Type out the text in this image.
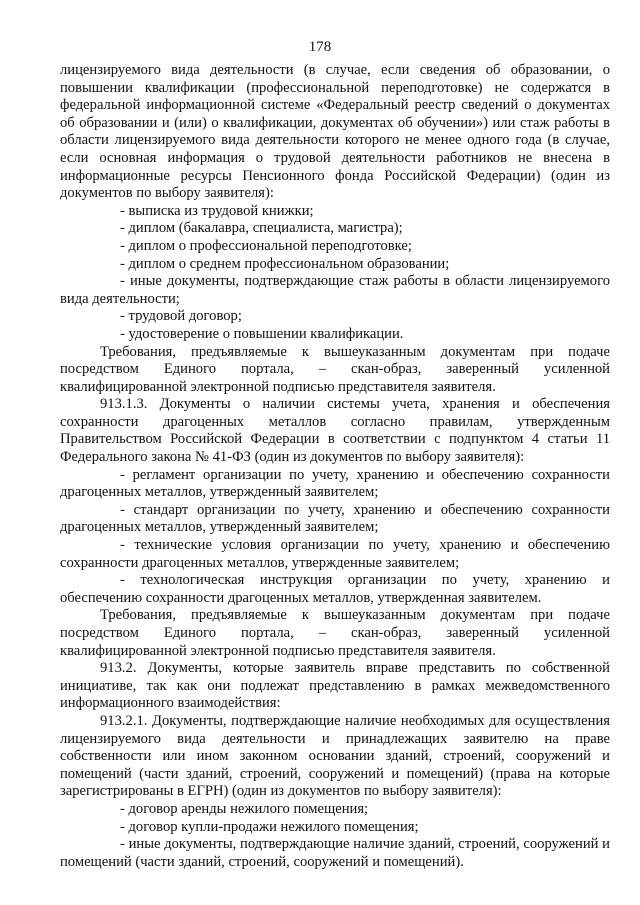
178

лицензируемого вида деятельности (в случае, если сведения об образовании, о повышении квалификации (профессиональной переподготовке) не содержатся в федеральной информационной системе «Федеральный реестр сведений о документах об образовании и (или) о квалификации, документах об обучении») или стаж работы в области лицензируемого вида деятельности которого не менее одного года (в случае, если основная информация о трудовой деятельности работников не внесена в информационные ресурсы Пенсионного фонда Российской Федерации) (один из документов по выбору заявителя):

- выписка из трудовой книжки;

- диплом (бакалавра, специалиста, магистра);

- диплом о профессиональной переподготовке;

- диплом о среднем профессиональном образовании;

- иные документы, подтверждающие стаж работы в области лицензируемого вида деятельности;

- трудовой договор;

- удостоверение о повышении квалификации.

Требования, предъявляемые к вышеуказанным документам при подаче посредством Единого портала, – скан-образ, заверенный усиленной квалифицированной электронной подписью представителя заявителя.

913.1.3. Документы о наличии системы учета, хранения и обеспечения сохранности драгоценных металлов согласно правилам, утвержденным Правительством Российской Федерации в соответствии с подпунктом 4 статьи 11 Федерального закона № 41-ФЗ (один из документов по выбору заявителя):

- регламент организации по учету, хранению и обеспечению сохранности драгоценных металлов, утвержденный заявителем;

- стандарт организации по учету, хранению и обеспечению сохранности драгоценных металлов, утвержденный заявителем;

- технические условия организации по учету, хранению и обеспечению сохранности драгоценных металлов, утвержденные заявителем;

- технологическая инструкция организации по учету, хранению и обеспечению сохранности драгоценных металлов, утвержденная заявителем.

Требования, предъявляемые к вышеуказанным документам при подаче посредством Единого портала, – скан-образ, заверенный усиленной квалифицированной электронной подписью представителя заявителя.

913.2. Документы, которые заявитель вправе представить по собственной инициативе, так как они подлежат представлению в рамках межведомственного информационного взаимодействия:

913.2.1. Документы, подтверждающие наличие необходимых для осуществления лицензируемого вида деятельности и принадлежащих заявителю на праве собственности или ином законном основании зданий, строений, сооружений и помещений (части зданий, строений, сооружений и помещений) (права на которые зарегистрированы в ЕГРН) (один из документов по выбору заявителя):

- договор аренды нежилого помещения;

- договор купли-продажи нежилого помещения;

- иные документы, подтверждающие наличие зданий, строений, сооружений и помещений (части зданий, строений, сооружений и помещений).
